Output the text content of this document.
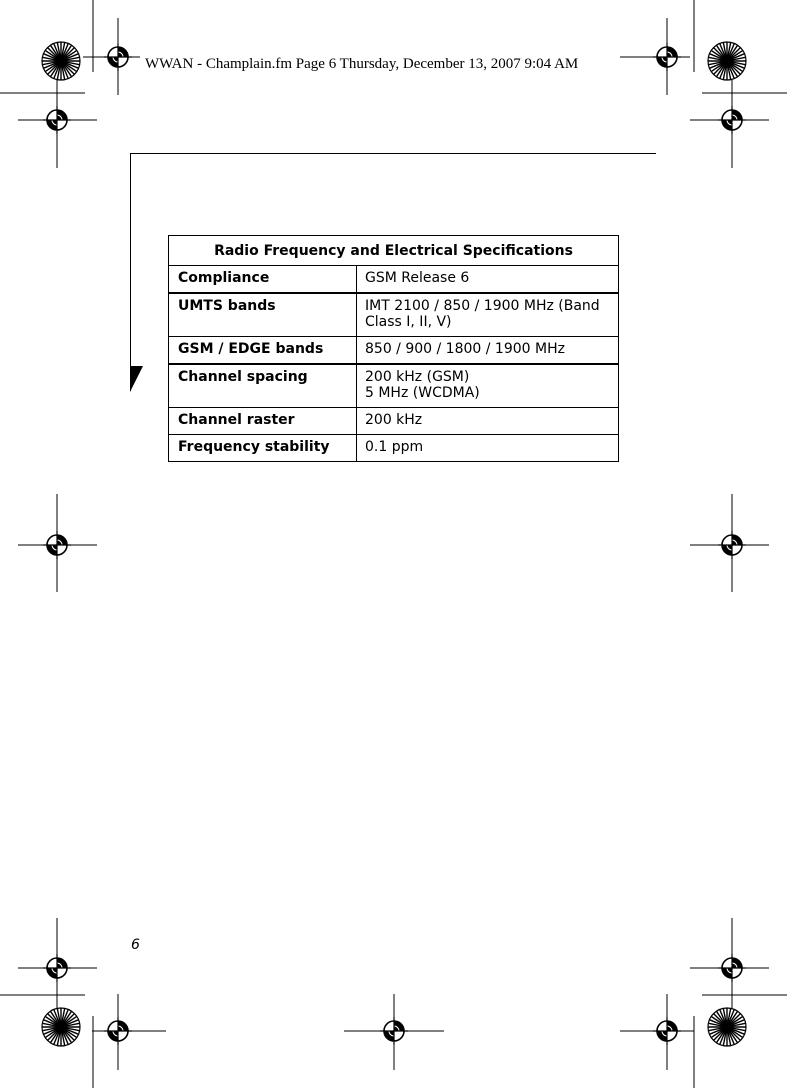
WWAN - Champlain.fm Page 6 Thursday, December 13, 2007 9:04 AM
Radio Frequency and Electrical Specifications	
Compliance	GSM Release 6

UMTS bands	IMT 2100 / 850 / 1900 MHz (Band
Class I, II, V)

GSM / EDGE bands	850 / 900 / 1800 / 1900 MHz

Channel spacing	200 kHz (GSM)
5 MHz (WCDMA)

Channel raster	200 kHz

Frequency stability	0.1 ppm
6
